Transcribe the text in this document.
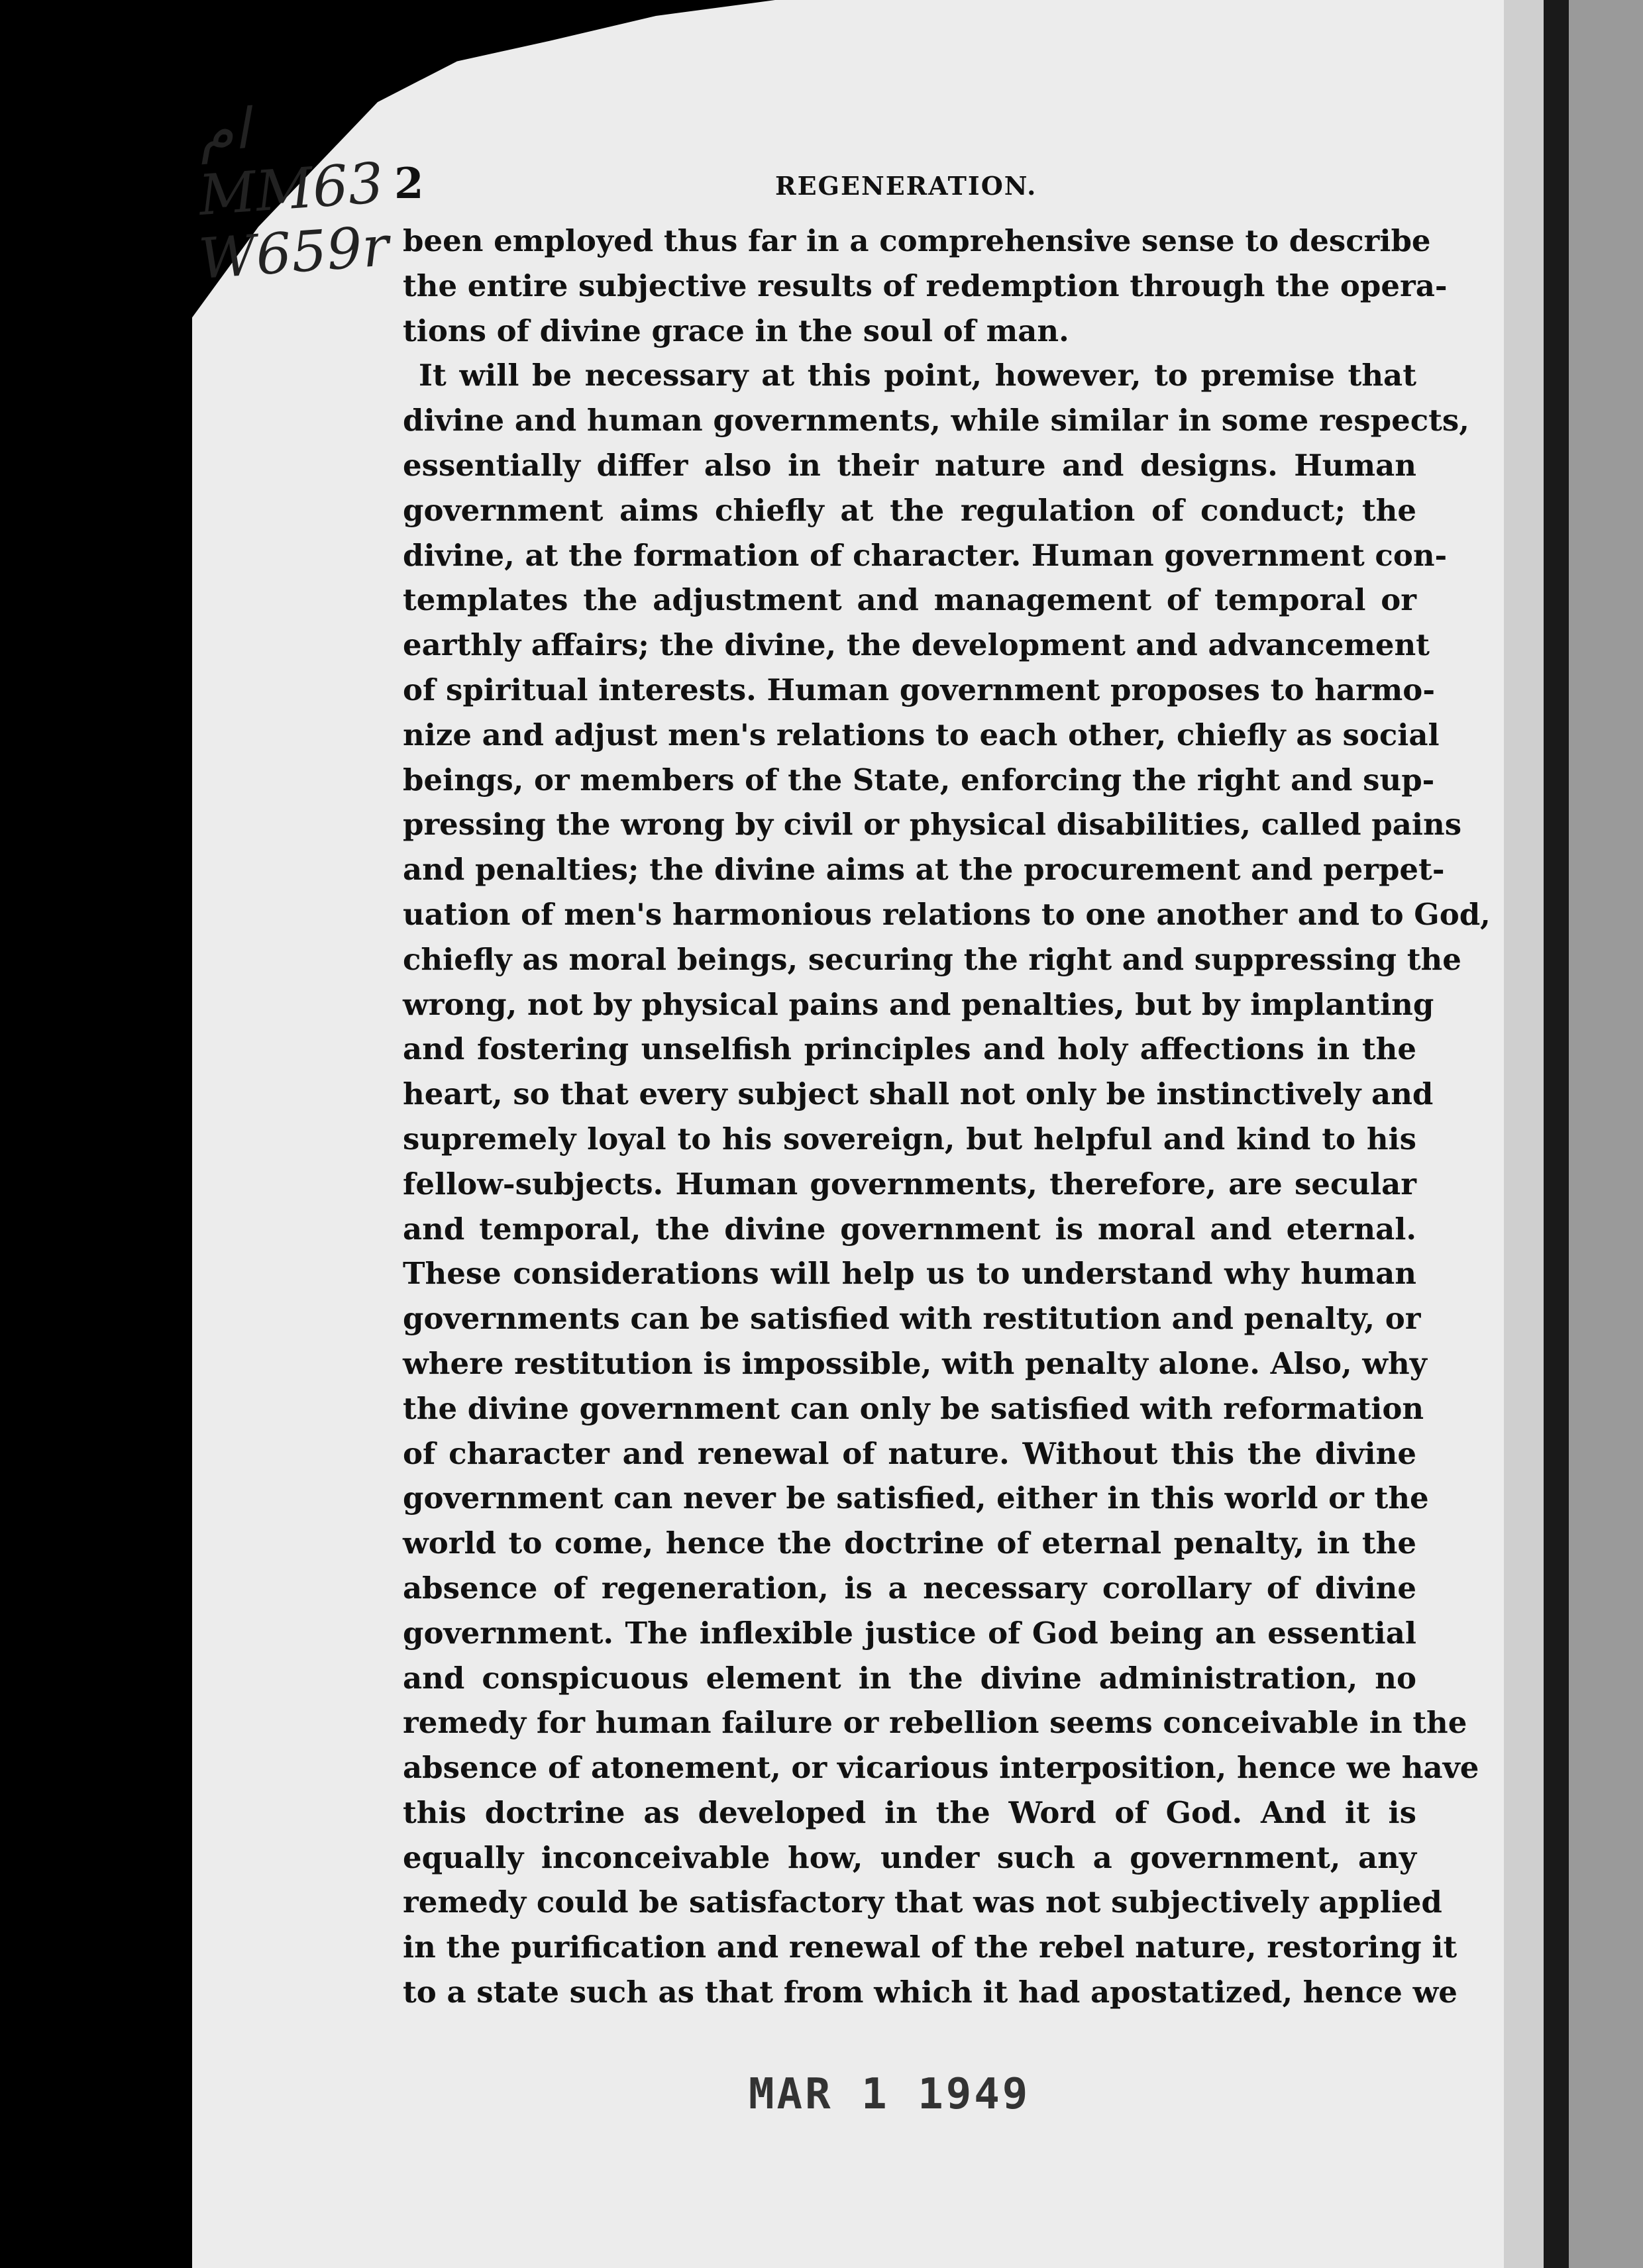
ام
MM63
W659r
2	REGENERATION.
been employed thus far in a comprehensive sense to describe
the entire subjective results of redemption through the opera-
tions of divine grace in the soul of man.
It will be necessary at this point, however, to premise that
divine and human governments, while similar in some respects,
essentially differ also in their nature and designs. Human
government aims chiefly at the regulation of conduct; the
divine, at the formation of character. Human government con-
templates the adjustment and management of temporal or
earthly affairs; the divine, the development and advancement
of spiritual interests. Human government proposes to harmo-
nize and adjust men's relations to each other, chiefly as social
beings, or members of the State, enforcing the right and sup-
pressing the wrong by civil or physical disabilities, called pains
and penalties; the divine aims at the procurement and perpet-
uation of men's harmonious relations to one another and to God,
chiefly as moral beings, securing the right and suppressing the
wrong, not by physical pains and penalties, but by implanting
and fostering unselfish principles and holy affections in the
heart, so that every subject shall not only be instinctively and
supremely loyal to his sovereign, but helpful and kind to his
fellow-subjects. Human governments, therefore, are secular
and temporal, the divine government is moral and eternal.
These considerations will help us to understand why human
governments can be satisfied with restitution and penalty, or
where restitution is impossible, with penalty alone. Also, why
the divine government can only be satisfied with reformation
of character and renewal of nature. Without this the divine
government can never be satisfied, either in this world or the
world to come, hence the doctrine of eternal penalty, in the
absence of regeneration, is a necessary corollary of divine
government. The inflexible justice of God being an essential
and conspicuous element in the divine administration, no
remedy for human failure or rebellion seems conceivable in the
absence of atonement, or vicarious interposition, hence we have
this doctrine as developed in the Word of God. And it is
equally inconceivable how, under such a government, any
remedy could be satisfactory that was not subjectively applied
in the purification and renewal of the rebel nature, restoring it
to a state such as that from which it had apostatized, hence we
MAR 1 1949
